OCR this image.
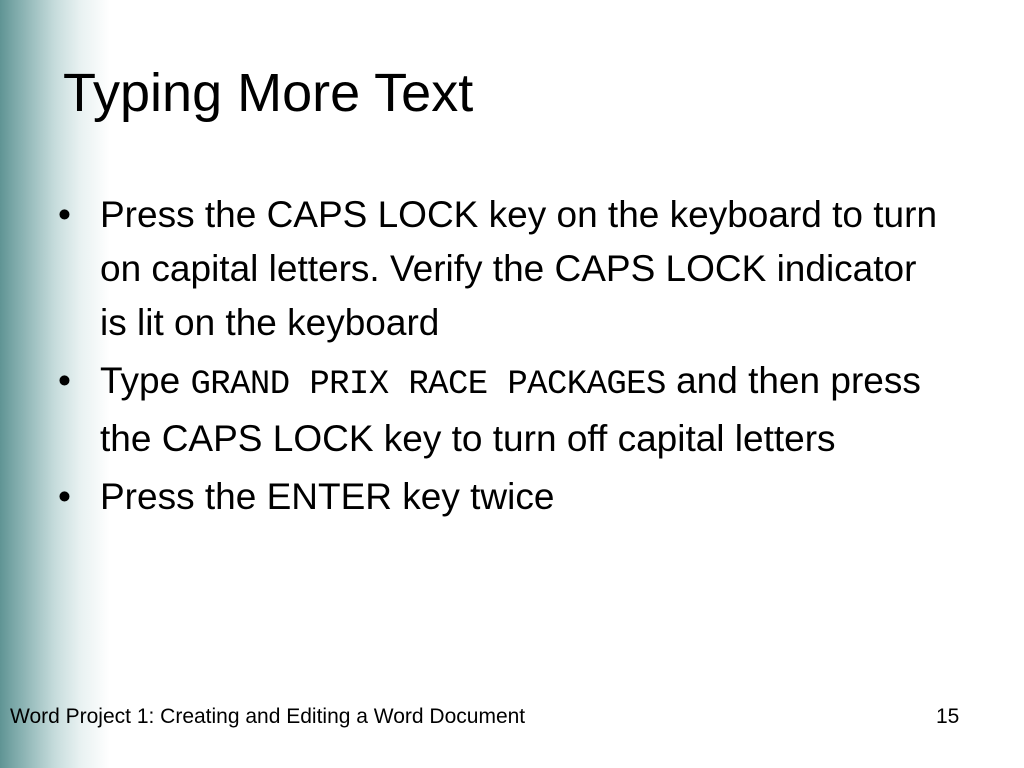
Typing More Text
• Press the CAPS LOCK key on the keyboard to turn on capital letters. Verify the CAPS LOCK indicator is lit on the keyboard
• Type GRAND PRIX RACE PACKAGES and then press the CAPS LOCK key to turn off capital letters
• Press the ENTER key twice
Word Project 1: Creating and Editing a Word Document	15
